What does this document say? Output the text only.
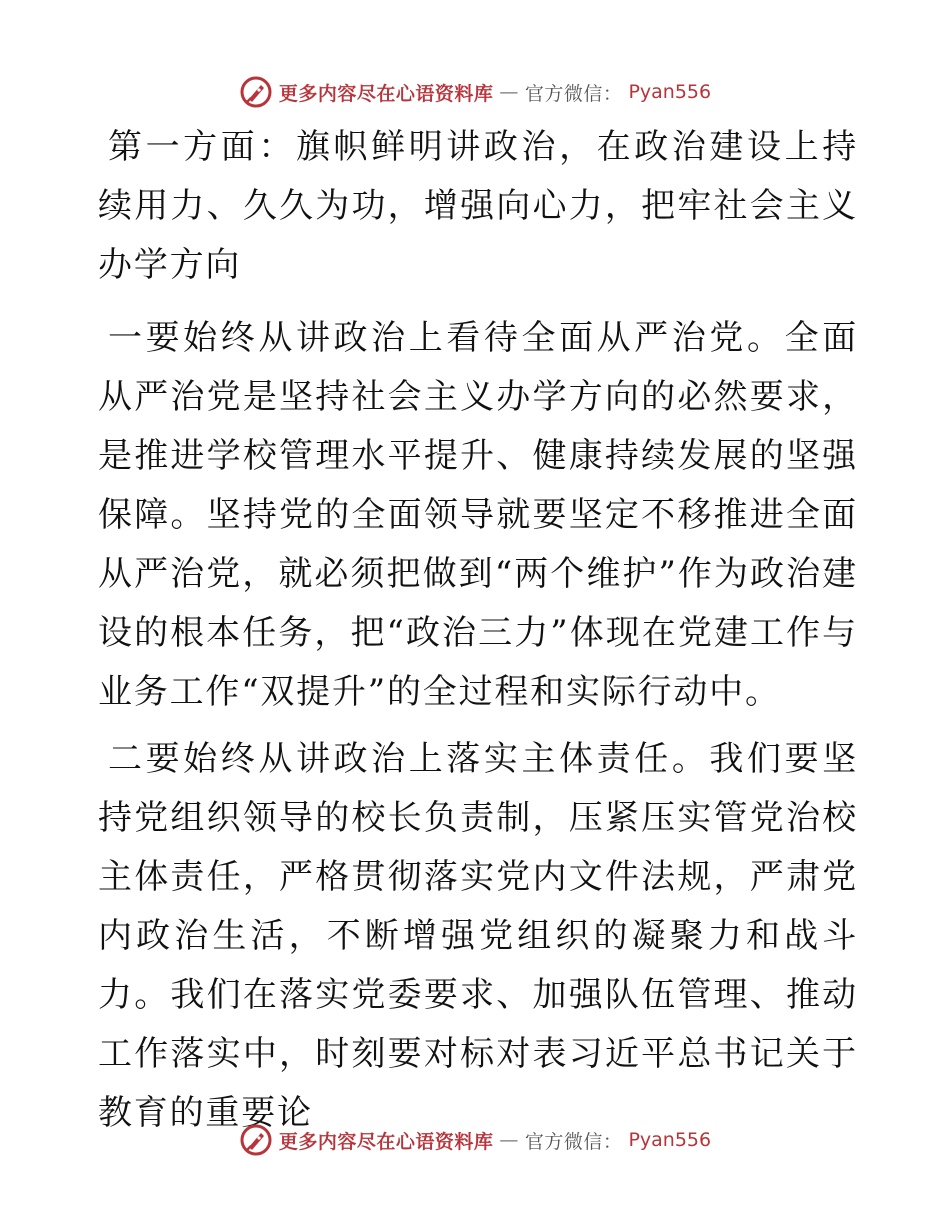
更多内容尽在心语资料库 — 官方微信： Pyan556

第一方面：旗帜鲜明讲政治，在政治建设上持续用力、久久为功，增强向心力，把牢社会主义办学方向

一要始终从讲政治上看待全面从严治党。全面从严治党是坚持社会主义办学方向的必然要求，是推进学校管理水平提升、健康持续发展的坚强保障。坚持党的全面领导就要坚定不移推进全面从严治党，就必须把做到“两个维护”作为政治建设的根本任务，把“政治三力”体现在党建工作与业务工作“双提升”的全过程和实际行动中。

二要始终从讲政治上落实主体责任。我们要坚持党组织领导的校长负责制，压紧压实管党治校主体责任，严格贯彻落实党内文件法规，严肃党内政治生活，不断增强党组织的凝聚力和战斗力。我们在落实党委要求、加强队伍管理、推动工作落实中，时刻要对标对表习近平总书记关于教育的重要论

更多内容尽在心语资料库 — 官方微信： Pyan556
